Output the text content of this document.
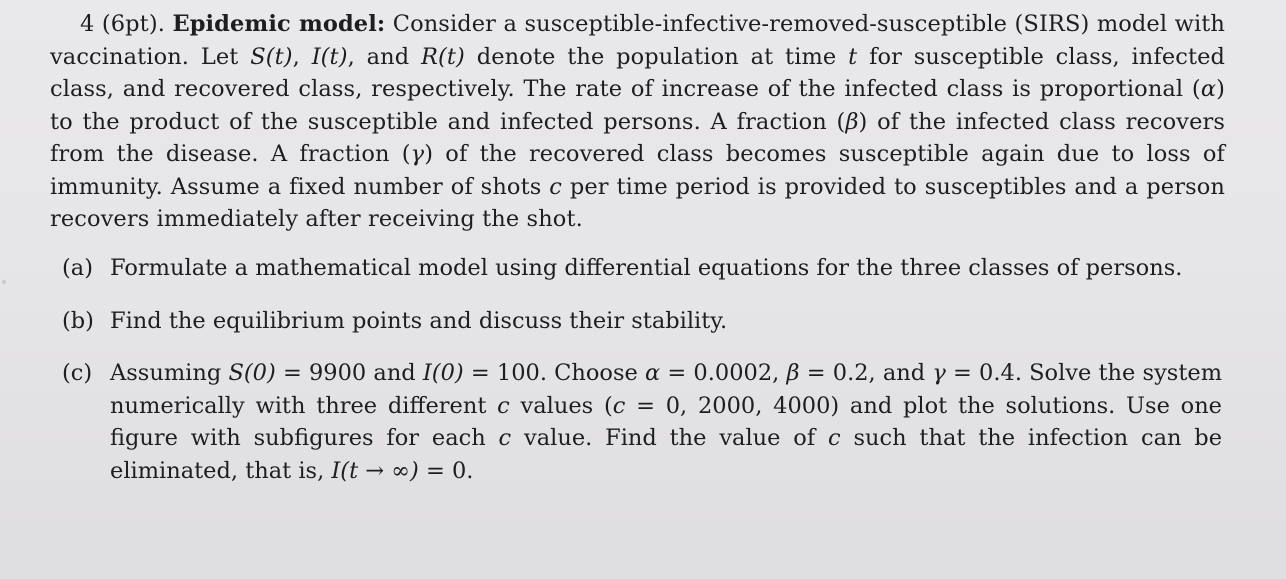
4 (6pt). Epidemic model: Consider a susceptible-infective-removed-susceptible (SIRS) model with vaccination. Let S(t), I(t), and R(t) denote the population at time t for susceptible class, infected class, and recovered class, respectively. The rate of increase of the infected class is proportional (α) to the product of the susceptible and infected persons. A fraction (β) of the infected class recovers from the disease. A fraction (γ) of the recovered class becomes susceptible again due to loss of immunity. Assume a fixed number of shots c per time period is provided to susceptibles and a person recovers immediately after receiving the shot.
(a) Formulate a mathematical model using differential equations for the three classes of persons.
(b) Find the equilibrium points and discuss their stability.
(c) Assuming S(0) = 9900 and I(0) = 100. Choose α = 0.0002, β = 0.2, and γ = 0.4. Solve the system numerically with three different c values (c = 0, 2000, 4000) and plot the solutions. Use one figure with subfigures for each c value. Find the value of c such that the infection can be eliminated, that is, I(t → ∞) = 0.
